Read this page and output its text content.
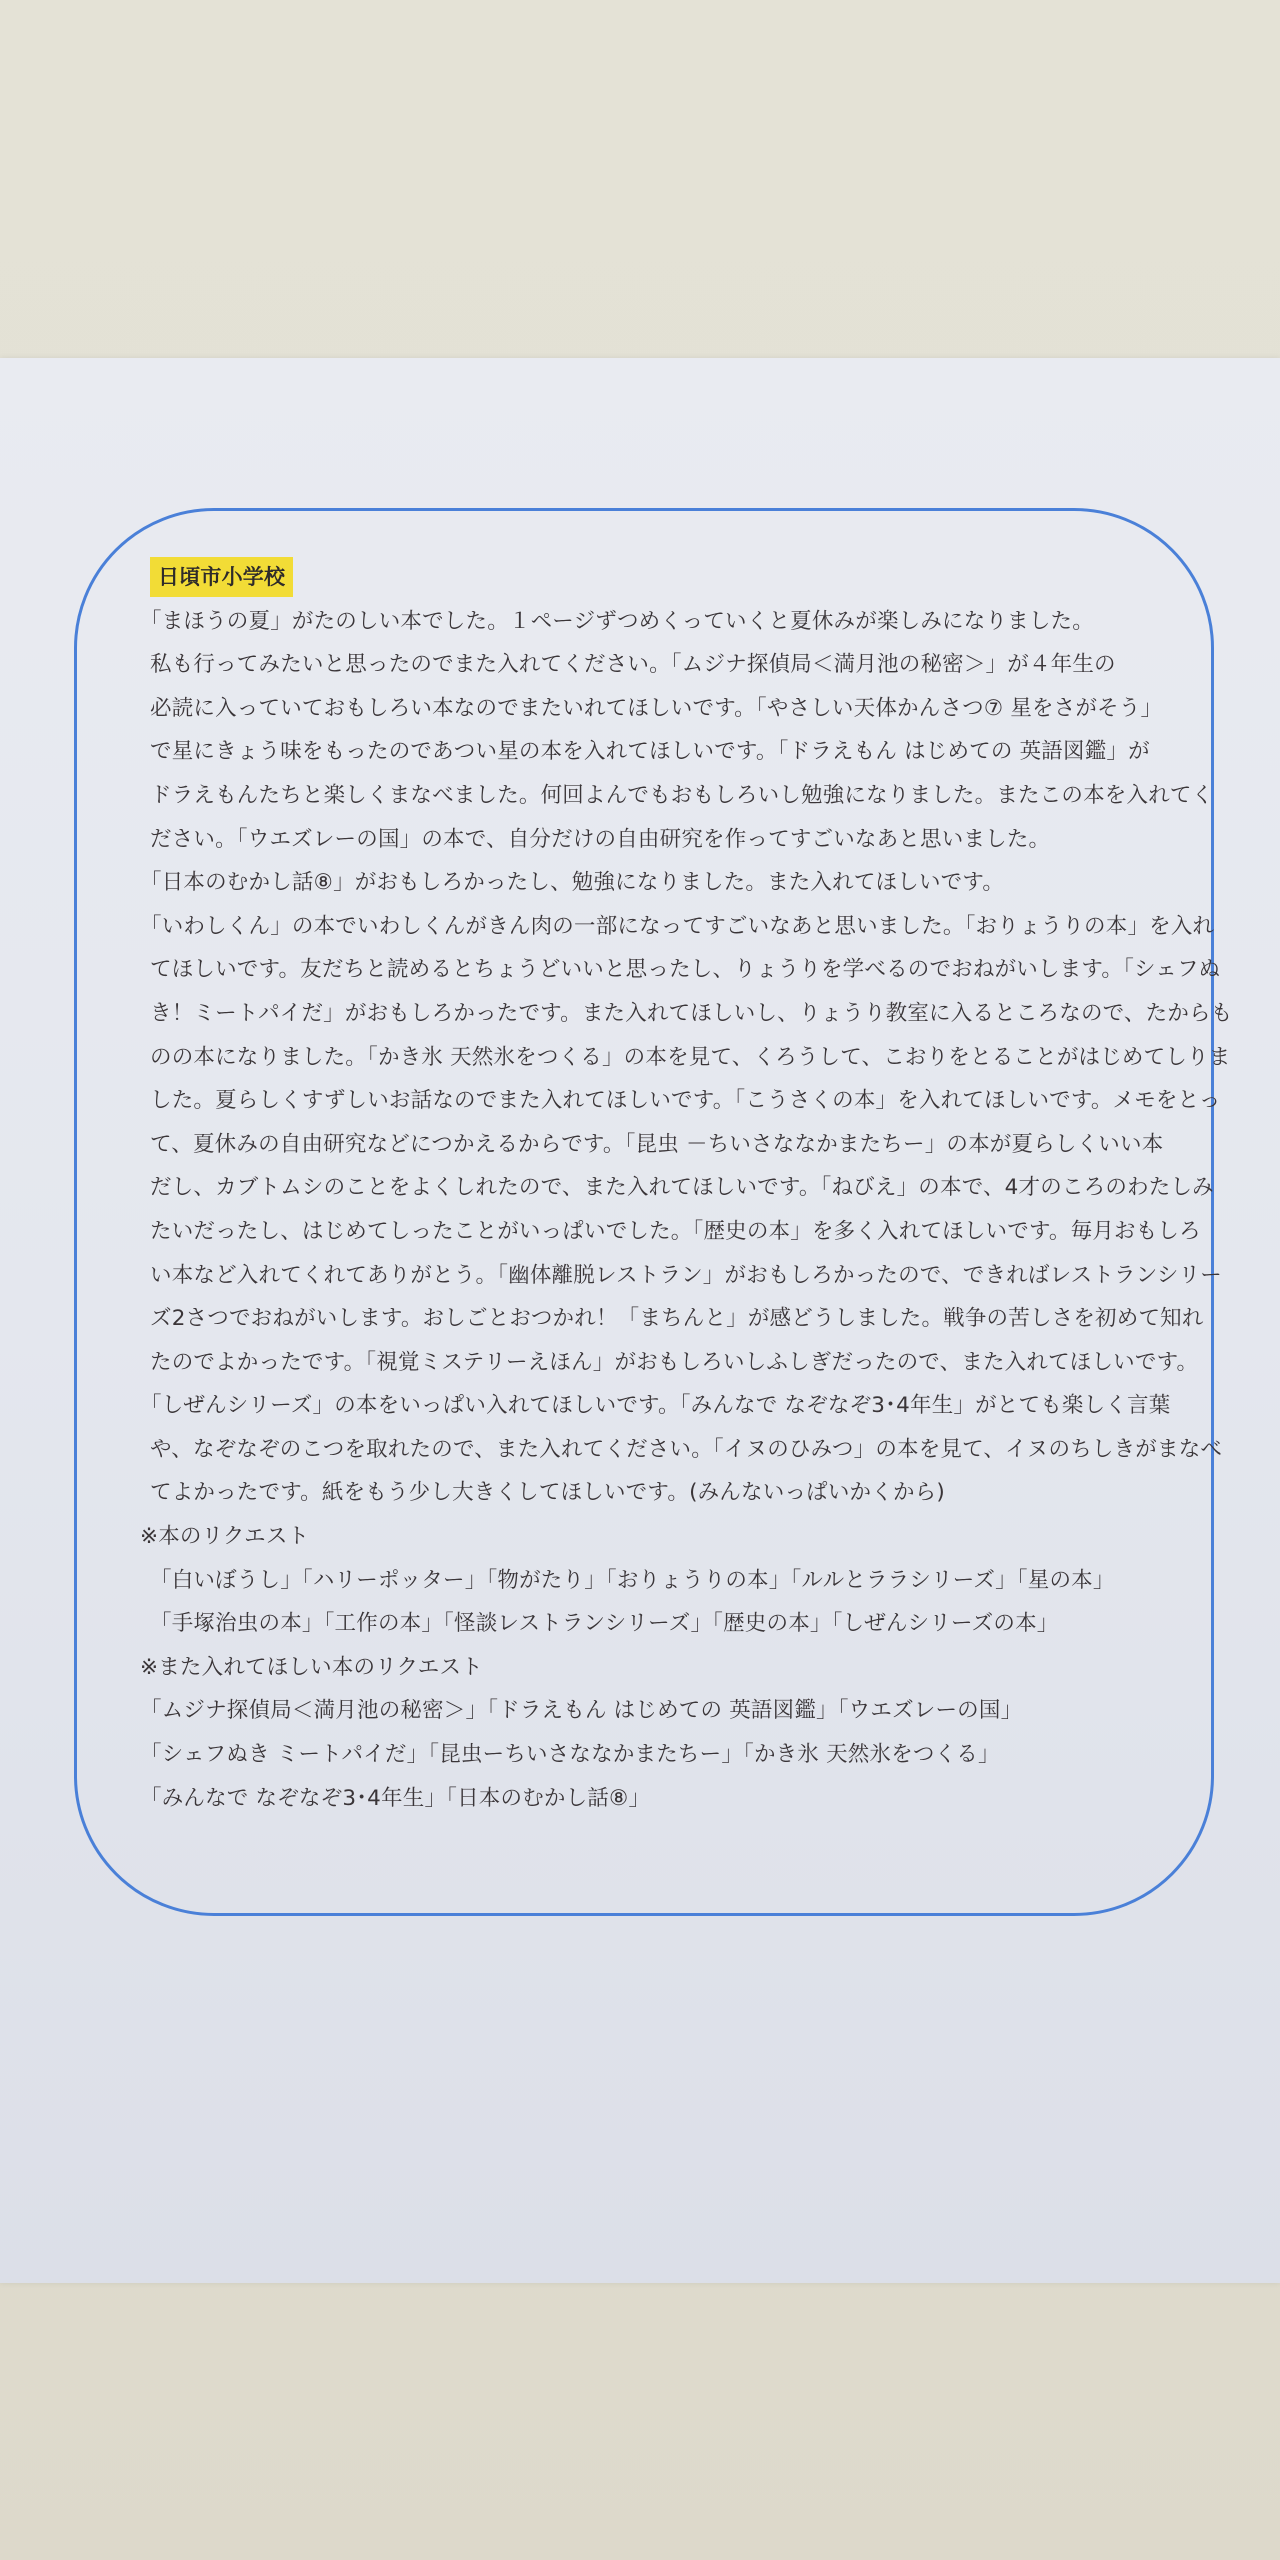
日頃市小学校
「まほうの夏」がたのしい本でした。１ページずつめくっていくと夏休みが楽しみになりました。
私も行ってみたいと思ったのでまた入れてください。「ムジナ探偵局＜満月池の秘密＞」が４年生の
必読に入っていておもしろい本なのでまたいれてほしいです。「やさしい天体かんさつ⑦ 星をさがそう」
で星にきょう味をもったのであつい星の本を入れてほしいです。「ドラえもん はじめての 英語図鑑」が
ドラえもんたちと楽しくまなべました。何回よんでもおもしろいし勉強になりました。またこの本を入れてく
ださい。「ウエズレーの国」の本で、自分だけの自由研究を作ってすごいなあと思いました。
「日本のむかし話⑧」がおもしろかったし、勉強になりました。また入れてほしいです。
「いわしくん」の本でいわしくんがきん肉の一部になってすごいなあと思いました。「おりょうりの本」を入れ
てほしいです。友だちと読めるとちょうどいいと思ったし、りょうりを学べるのでおねがいします。「シェフぬ
き！ミートパイだ」がおもしろかったです。また入れてほしいし、りょうり教室に入るところなので、たからも
のの本になりました。「かき氷 天然氷をつくる」の本を見て、くろうして、こおりをとることがはじめてしりま
した。夏らしくすずしいお話なのでまた入れてほしいです。「こうさくの本」を入れてほしいです。メモをとっ
て、夏休みの自由研究などにつかえるからです。「昆虫 －ちいさななかまたちー」の本が夏らしくいい本
だし、カブトムシのことをよくしれたので、また入れてほしいです。「ねびえ」の本で、4才のころのわたしみ
たいだったし、はじめてしったことがいっぱいでした。「歴史の本」を多く入れてほしいです。毎月おもしろ
い本など入れてくれてありがとう。「幽体離脱レストラン」がおもしろかったので、できればレストランシリー
ズ2さつでおねがいします。おしごとおつかれ！「まちんと」が感どうしました。戦争の苦しさを初めて知れ
たのでよかったです。「視覚ミステリーえほん」がおもしろいしふしぎだったので、また入れてほしいです。
「しぜんシリーズ」の本をいっぱい入れてほしいです。「みんなで なぞなぞ3･4年生」がとても楽しく言葉
や、なぞなぞのこつを取れたので、また入れてください。「イヌのひみつ」の本を見て、イヌのちしきがまなべ
てよかったです。紙をもう少し大きくしてほしいです。(みんないっぱいかくから)
※本のリクエスト
「白いぼうし」「ハリーポッター」「物がたり」「おりょうりの本」「ルルとララシリーズ」「星の本」
「手塚治虫の本」「工作の本」「怪談レストランシリーズ」「歴史の本」「しぜんシリーズの本」
※また入れてほしい本のリクエスト
「ムジナ探偵局＜満月池の秘密＞」「ドラえもん はじめての 英語図鑑」「ウエズレーの国」
「シェフぬき ミートパイだ」「昆虫ーちいさななかまたちー」「かき氷 天然氷をつくる」
「みんなで なぞなぞ3･4年生」「日本のむかし話⑧」
